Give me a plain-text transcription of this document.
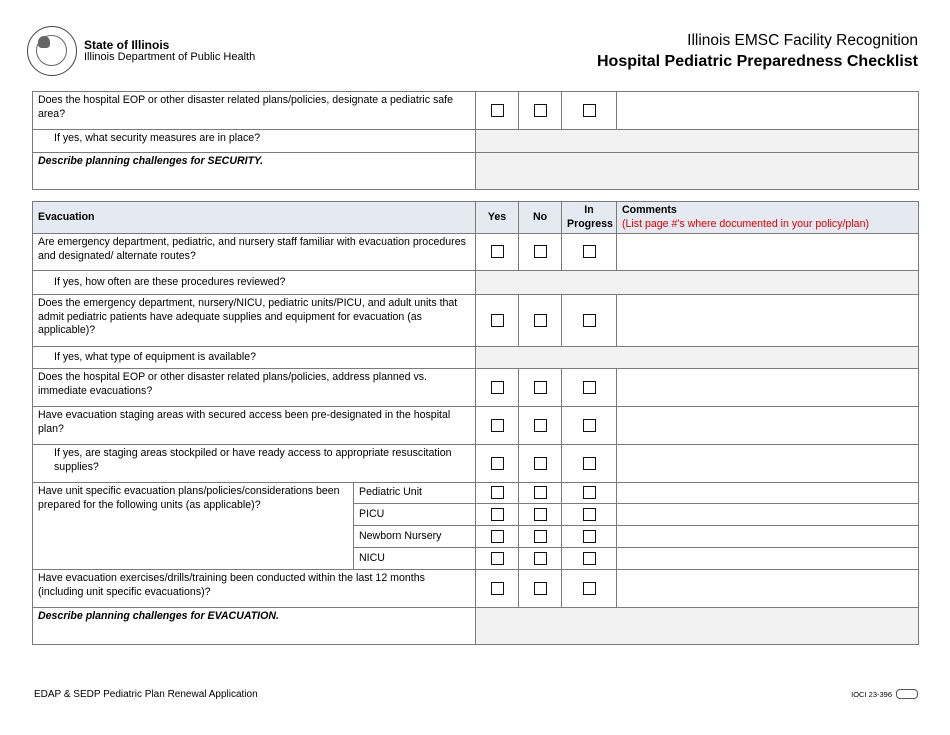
State of Illinois
Illinois Department of Public Health
Illinois EMSC Facility Recognition
Hospital Pediatric Preparedness Checklist
Does the hospital EOP or other disaster related plans/policies, designate a pediatric safe area?				
If yes, what security measures are in place?				
Describe planning challenges for SECURITY.				
Evacuation		Yes	No	In Progress	Comments
(List page #'s where documented in your policy/plan)

Are emergency department, pediatric, and nursery staff familiar with evacuation procedures and designated/ alternate routes?					
If yes, how often are these procedures reviewed?					
Does the emergency department, nursery/NICU, pediatric units/PICU, and adult units that admit pediatric patients have adequate supplies and equipment for evacuation (as applicable)?					
If yes, what type of equipment is available?					
Does the hospital EOP or other disaster related plans/policies, address planned vs. immediate evacuations?					
Have evacuation staging areas with secured access been pre-designated in the hospital plan?					
If yes, are staging areas stockpiled or have ready access to appropriate resuscitation supplies?					
Have unit specific evacuation plans/policies/considerations been prepared for the following units (as applicable)?	Pediatric Unit				
	PICU				
	Newborn Nursery				
	NICU				
Have evacuation exercises/drills/training been conducted within the last 12 months (including unit specific evacuations)?					
Describe planning challenges for EVACUATION.					
EDAP & SEDP Pediatric Plan Renewal Application	IOCI 23-396
